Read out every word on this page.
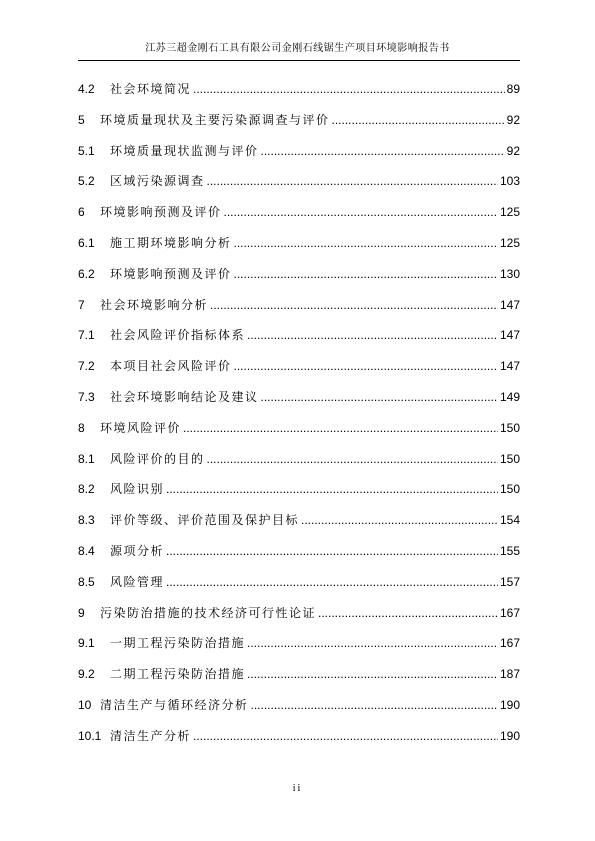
江苏三超金刚石工具有限公司金刚石线锯生产项目环境影响报告书
4.2	社会环境简况 .....	89
5	环境质量现状及主要污染源调查与评价 .....	92
5.1	环境质量现状监测与评价 .....	92
5.2	区域污染源调查 .....	103
6	环境影响预测及评价 .....	125
6.1	施工期环境影响分析 .....	125
6.2	环境影响预测及评价 .....	130
7	社会环境影响分析 .....	147
7.1	社会风险评价指标体系 .....	147
7.2	本项目社会风险评价 .....	147
7.3	社会环境影响结论及建议 .....	149
8	环境风险评价 .....	150
8.1	风险评价的目的 .....	150
8.2	风险识别 .....	150
8.3	评价等级、评价范围及保护目标 .....	154
8.4	源项分析 .....	155
8.5	风险管理 .....	157
9	污染防治措施的技术经济可行性论证 .....	167
9.1	一期工程污染防治措施 .....	167
9.2	二期工程污染防治措施 .....	187
10 清洁生产与循环经济分析 .....	190
10.1 清洁生产分析 .....	190
ii
